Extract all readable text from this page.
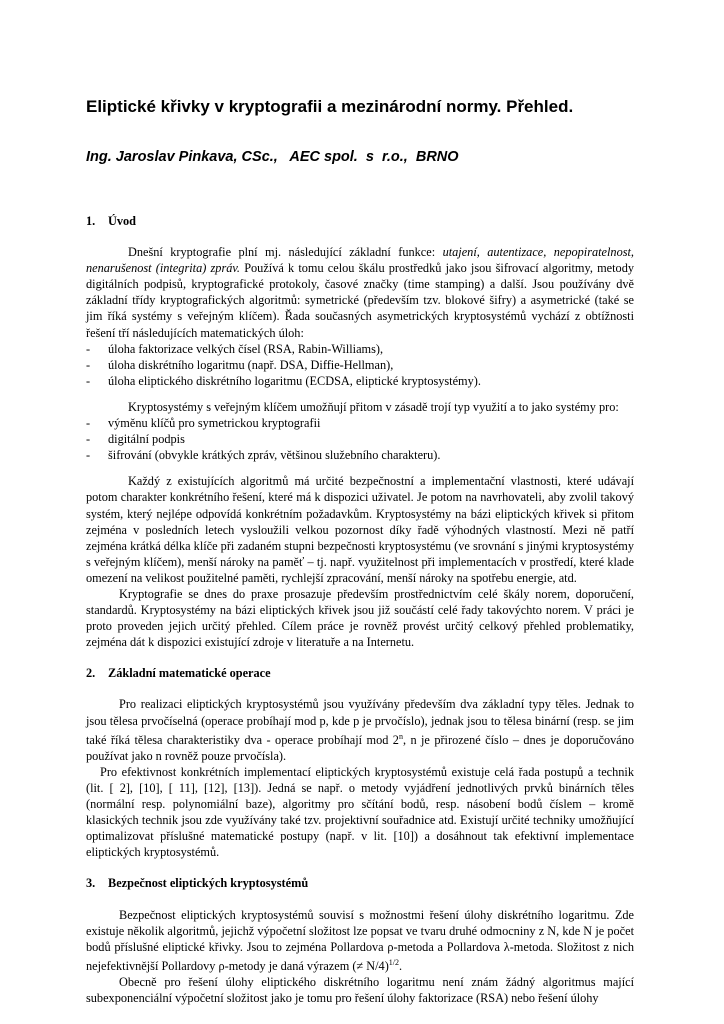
Eliptické křivky v kryptografii a mezinárodní normy. Přehled.
Ing. Jaroslav Pinkava, CSc.,   AEC spol.  s  r.o.,  BRNO
1.	Úvod

Dnešní kryptografie plní mj. následující základní funkce: utajení, autentizace, nepopiratelnost, nenarušenost (integrita) zpráv. Používá k tomu celou škálu prostředků jako jsou šifrovací algoritmy, metody digitálních podpisů, kryptografické protokoly, časové značky (time stamping) a další. Jsou používány dvě základní třídy kryptografických algoritmů: symetrické (především tzv. blokové šifry) a asymetrické (také se jim říká systémy s veřejným klíčem). Řada současných asymetrických kryptosystémů vychází z obtížnosti řešení tří následujících matematických úloh:

-	úloha faktorizace velkých čísel (RSA, Rabin-Williams),
-	úloha diskrétního logaritmu (např. DSA, Diffie-Hellman),
-	úloha eliptického diskrétního logaritmu (ECDSA, eliptické kryptosystémy).

Kryptosystémy s veřejným klíčem umožňují přitom v zásadě trojí typ využití a to jako systémy pro:

-	výměnu klíčů pro symetrickou kryptografii
-	digitální podpis
-	šifrování (obvykle krátkých zpráv, většinou služebního charakteru).

Každý z existujících algoritmů má určité bezpečnostní a implementační vlastnosti, které udávají potom charakter konkrétního řešení, které má k dispozici uživatel. Je potom na navrhovateli, aby zvolil takový systém, který nejlépe odpovídá konkrétním požadavkům. Kryptosystémy na bázi eliptických křivek si přitom zejména v posledních letech vysloužili velkou pozornost díky řadě výhodných vlastností. Mezi ně patří zejména krátká délka klíče při zadaném stupni bezpečnosti kryptosystému (ve srovnání s jinými kryptosystémy s veřejným klíčem), menší nároky na paměť – tj. např. využitelnost při implementacích v prostředí, které klade omezení na velikost použitelné paměti, rychlejší zpracování, menší nároky na spotřebu energie, atd.

Kryptografie se dnes do praxe prosazuje především prostřednictvím celé škály norem, doporučení, standardů. Kryptosystémy na bázi eliptických křivek jsou již součástí celé řady takovýchto norem. V práci je proto proveden jejich určitý přehled. Cílem práce je rovněž provést určitý celkový přehled problematiky, zejména dát k dispozici existující zdroje v literatuře a na Internetu.

2.	Základní matematické operace

Pro realizaci eliptických kryptosystémů jsou využívány především dva základní typy těles. Jednak to jsou tělesa prvočíselná (operace probíhají mod p, kde p je prvočíslo), jednak jsou to tělesa binární (resp. se jim také říká tělesa charakteristiky dva - operace probíhají mod 2$^n$, n je přirozené číslo – dnes je doporučováno používat jako n rovněž pouze prvočísla).

Pro efektivnost konkrétních implementací eliptických kryptosystémů existuje celá řada postupů a technik (lit. [ 2], [10], [ 11], [12], [13]). Jedná se např. o metody vyjádření jednotlivých prvků binárních těles (normální resp. polynomiální baze), algoritmy pro sčítání bodů, resp. násobení bodů číslem – kromě klasických technik jsou zde využívány také tzv. projektivní souřadnice atd. Existují určité techniky umožňující optimalizovat příslušné matematické postupy (např. v lit. [10]) a dosáhnout tak efektivní implementace eliptických kryptosystémů.

3.	Bezpečnost eliptických kryptosystémů

Bezpečnost eliptických kryptosystémů souvisí s možnostmi řešení úlohy diskrétního logaritmu. Zde existuje několik algoritmů, jejichž výpočetní složitost lze popsat ve tvaru druhé odmocniny z N, kde N je počet bodů příslušné eliptické křivky. Jsou to zejména Pollardova ρ-metoda a Pollardova λ-metoda. Složitost z nich nejefektivnější Pollardovy ρ-metody je daná výrazem (≠ N/4)$^{1/2}$.

Obecně pro řešení úlohy eliptického diskrétního logaritmu není znám žádný algoritmus mající subexponenciální výpočetní složitost jako je tomu pro řešení úlohy faktorizace (RSA) nebo řešení úlohy
